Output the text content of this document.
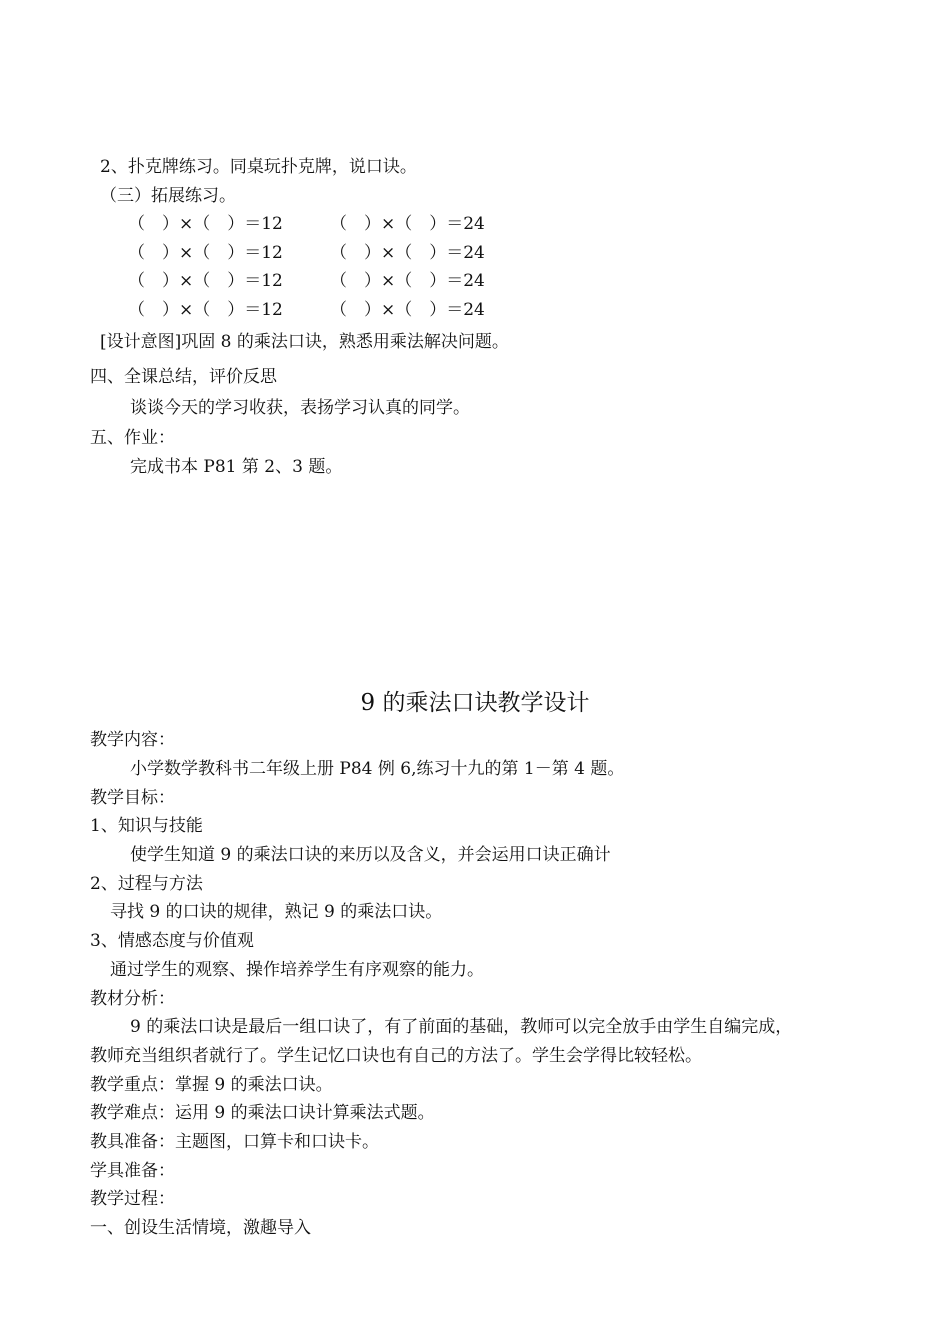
2、扑克牌练习。同桌玩扑克牌，说口诀。
（三）拓展练习。
（　）×（　）＝12	（　）×（　）＝24
（　）×（　）＝12	（　）×（　）＝24
（　）×（　）＝12	（　）×（　）＝24
（　）×（　）＝12	（　）×（　）＝24
[设计意图]巩固 8 的乘法口诀，熟悉用乘法解决问题。
四、全课总结，评价反思
谈谈今天的学习收获，表扬学习认真的同学。
五、作业：
完成书本 P81 第 2、3 题。
9 的乘法口诀教学设计
教学内容：
小学数学教科书二年级上册 P84 例 6,练习十九的第 1－第 4 题。
教学目标：
1、知识与技能
使学生知道 9 的乘法口诀的来历以及含义，并会运用口诀正确计
2、过程与方法
寻找 9 的口诀的规律，熟记 9 的乘法口诀。
3、情感态度与价值观
通过学生的观察、操作培养学生有序观察的能力。
教材分析：
9 的乘法口诀是最后一组口诀了，有了前面的基础，教师可以完全放手由学生自编完成，
教师充当组织者就行了。学生记忆口诀也有自己的方法了。学生会学得比较轻松。
教学重点：掌握 9 的乘法口诀。
教学难点：运用 9 的乘法口诀计算乘法式题。
教具准备：主题图，口算卡和口诀卡。
学具准备：
教学过程：
一、创设生活情境，激趣导入
